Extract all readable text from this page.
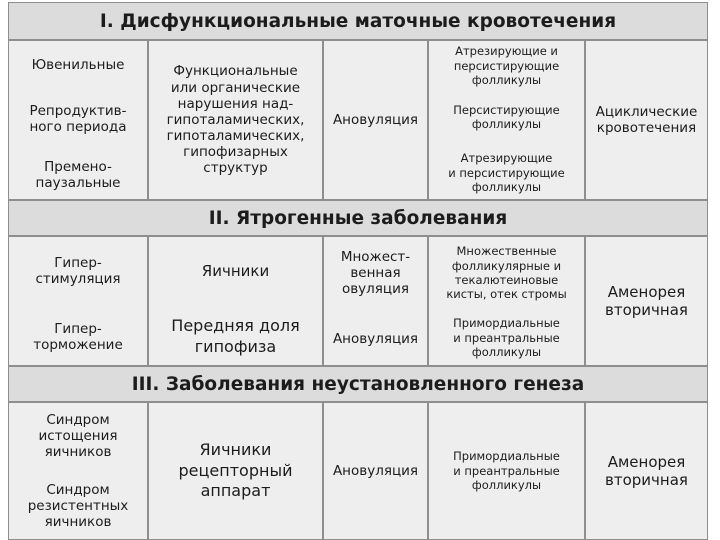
I. Дисфункциональные маточные кровотечения
Ювенильные
Репродуктив-
ного периода
Пременo-
паузальные
Функциональные
или органические
нарушения над-
гипоталамических,
гипоталамических,
гипофизарных
структур
Ановуляция
Атрезирующие и
персистирующие
фолликулы
Персистирующие
фолликулы
Атрезирующие
и персистирующие
фолликулы
Ациклические
кровотечения
II. Ятрогенные заболевания
Гипер-
стимуляция
Гипер-
торможение
Яичники
Передняя доля
гипофиза
Множест-
венная
овуляция
Ановуляция
Множественные
фолликулярные и
текалютеиновые
кисты, отек стромы
Примордиальные
и преантральные
фолликулы
Аменорея
вторичная
III. Заболевания неустановленного генеза
Синдром
истощения
яичников
Синдром
резистентных
яичников
Яичники
рецепторный
аппарат
Ановуляция
Примордиальные
и преантральные
фолликулы
Аменорея
вторичная
